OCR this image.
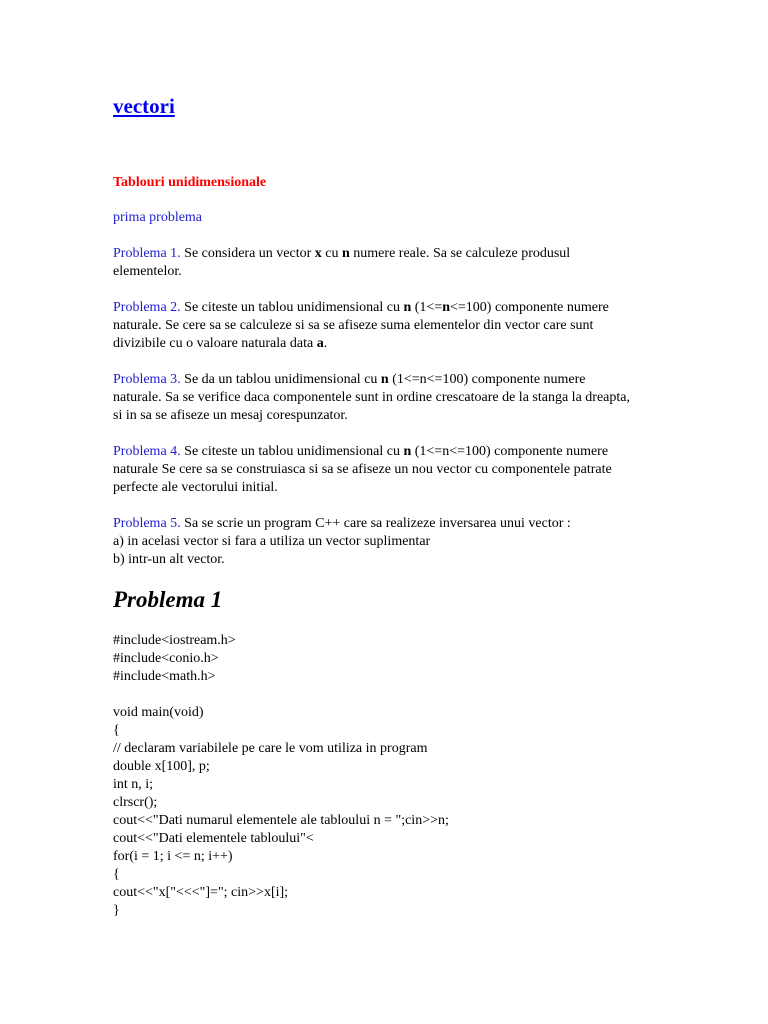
vectori
Tablouri unidimensionale
prima problema

Problema 1. Se considera un vector x cu n numere reale. Sa se calculeze produsul elementelor.

Problema 2. Se citeste un tablou unidimensional cu n (1<=n<=100) componente numere naturale. Se cere sa se calculeze si sa se afiseze suma elementelor din vector care sunt divizibile cu o valoare naturala data a.

Problema 3. Se da un tablou unidimensional cu n (1<=n<=100) componente numere naturale. Sa se verifice daca componentele sunt in ordine crescatoare de la stanga la dreapta, si in sa se afiseze un mesaj corespunzator.

Problema 4. Se citeste un tablou unidimensional cu n (1<=n<=100) componente numere naturale Se cere sa se construiasca si sa se afiseze un nou vector cu componentele patrate perfecte ale vectorului initial.

Problema 5. Sa se scrie un program C++ care sa realizeze inversarea unui vector :
a) in acelasi vector si fara a utiliza un vector suplimentar
b) intr-un alt vector.

Problema 1
#include<iostream.h>
#include<conio.h>
#include<math.h>
void main(void)
{
// declaram variabilele pe care le vom utiliza in program
double x[100], p;
int n, i;
clrscr();
cout<<"Dati numarul elementele ale tabloului n = ";cin>>n;
cout<<"Dati elementele tabloului"<
for(i = 1; i <= n; i++)
{
cout<<"x["<<<"]="; cin>>x[i];
}
